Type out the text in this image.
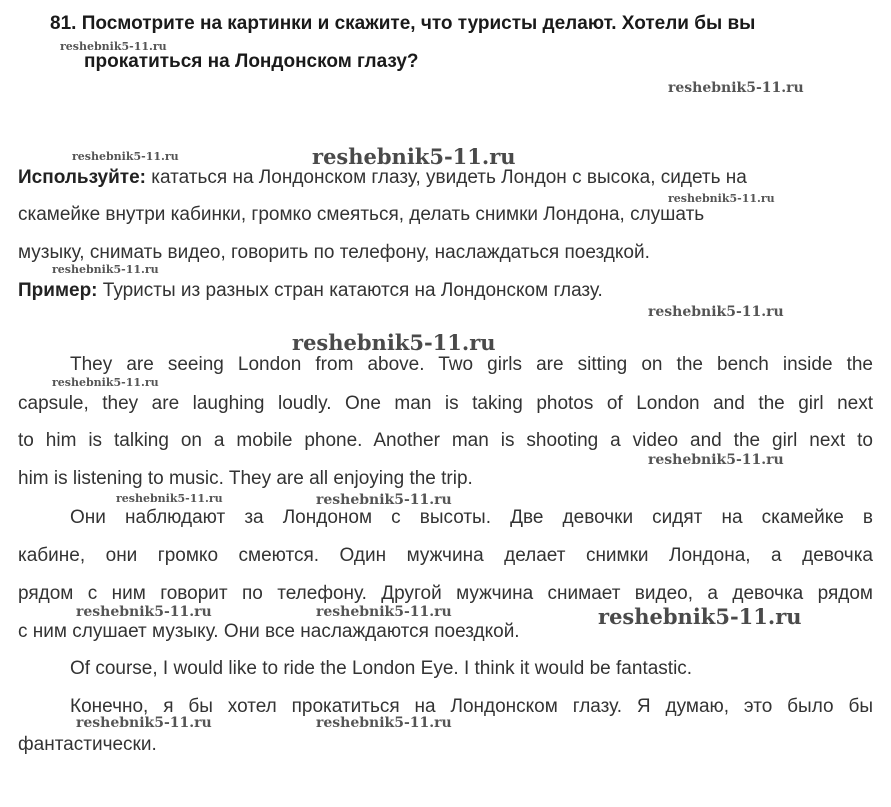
81. Посмотрите на картинки и скажите, что туристы делают. Хотели бы вы
прокатиться на Лондонском глазу?
Используйте: кататься на Лондонском глазу, увидеть Лондон с высока, сидеть на
скамейке внутри кабинки, громко смеяться, делать снимки Лондона, слушать
музыку, снимать видео, говорить по телефону, наслаждаться поездкой.
Пример: Туристы из разных стран катаются на Лондонском глазу.
They are seeing London from above. Two girls are sitting on the bench inside the
capsule, they are laughing loudly. One man is taking photos of London and the girl next
to him is talking on a mobile phone. Another man is shooting a video and the girl next to
him is listening to music. They are all enjoying the trip.
Они наблюдают за Лондоном с высоты. Две девочки сидят на скамейке в
кабине, они громко смеются. Один мужчина делает снимки Лондона, а девочка
рядом с ним говорит по телефону. Другой мужчина снимает видео, а девочка рядом
с ним слушает музыку. Они все наслаждаются поездкой.
Of course, I would like to ride the London Eye. I think it would be fantastic.
Конечно, я бы хотел прокатиться на Лондонском глазу. Я думаю, это было бы
фантастически.
reshebnik5-11.ru
reshebnik5-11.ru
reshebnik5-11.ru	reshebnik5-11.ru
reshebnik5-11.ru
reshebnik5-11.ru
reshebnik5-11.ru
reshebnik5-11.ru
reshebnik5-11.ru
reshebnik5-11.ru
reshebnik5-11.ru	reshebnik5-11.ru
reshebnik5-11.ru	reshebnik5-11.ru	reshebnik5-11.ru
reshebnik5-11.ru	reshebnik5-11.ru
